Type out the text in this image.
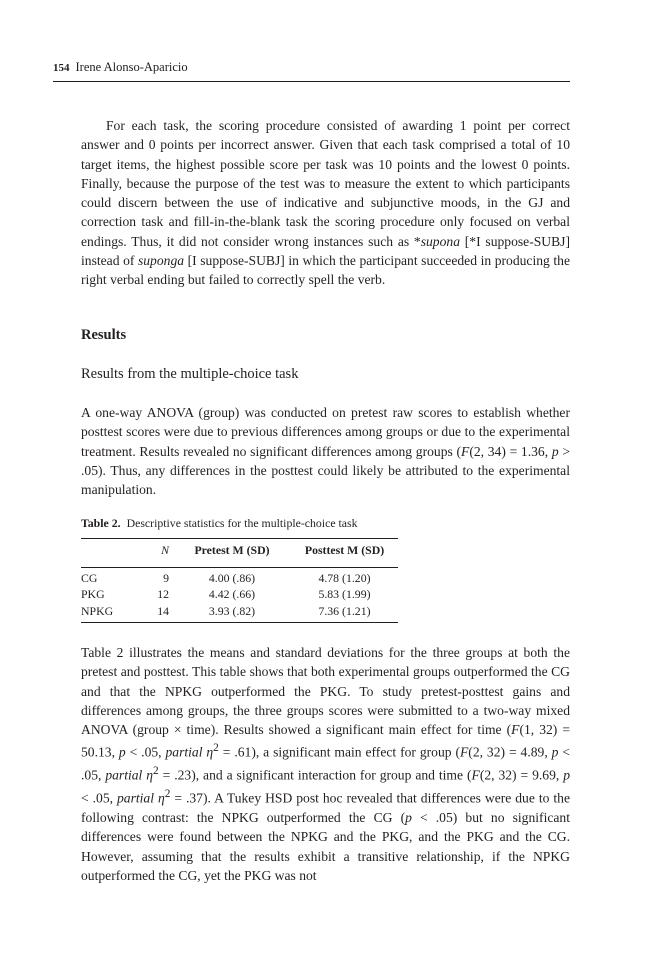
154 Irene Alonso-Aparicio

For each task, the scoring procedure consisted of awarding 1 point per correct answer and 0 points per incorrect answer. Given that each task comprised a total of 10 target items, the highest possible score per task was 10 points and the lowest 0 points. Finally, because the purpose of the test was to measure the extent to which participants could discern between the use of indicative and subjunctive moods, in the GJ and correction task and fill-in-the-blank task the scoring procedure only focused on verbal endings. Thus, it did not consider wrong instances such as *supona [*I suppose-SUBJ] instead of suponga [I suppose-SUBJ] in which the participant succeeded in producing the right verbal ending but failed to correctly spell the verb.

Results
Results from the multiple-choice task

A one-way ANOVA (group) was conducted on pretest raw scores to establish whether posttest scores were due to previous differences among groups or due to the experimental treatment. Results revealed no significant differences among groups (F(2, 34) = 1.36, p > .05). Thus, any differences in the posttest could likely be attributed to the experimental manipulation.

Table 2. Descriptive statistics for the multiple-choice task
	N	Pretest M (SD)	Posttest M (SD)
CG	9	4.00 (.86)	4.78 (1.20)
PKG	12	4.42 (.66)	5.83 (1.99)
NPKG	14	3.93 (.82)	7.36 (1.21)

Table 2 illustrates the means and standard deviations for the three groups at both the pretest and posttest. This table shows that both experimental groups outperformed the CG and that the NPKG outperformed the PKG. To study pretest-posttest gains and differences among groups, the three groups scores were submitted to a two-way mixed ANOVA (group × time). Results showed a significant main effect for time (F(1, 32) = 50.13, p < .05, partial $\eta^2 = .61$), a significant main effect for group (F(2, 32) = 4.89, p < .05, partial $\eta^2 = .23$), and a significant interaction for group and time (F(2, 32) = 9.69, p < .05, partial $\eta^2 = .37$). A Tukey HSD post hoc revealed that differences were due to the following contrast: the NPKG outperformed the CG (p < .05) but no significant differences were found between the NPKG and the PKG, and the PKG and the CG. However, assuming that the results exhibit a transitive relationship, if the NPKG outperformed the CG, yet the PKG was not
